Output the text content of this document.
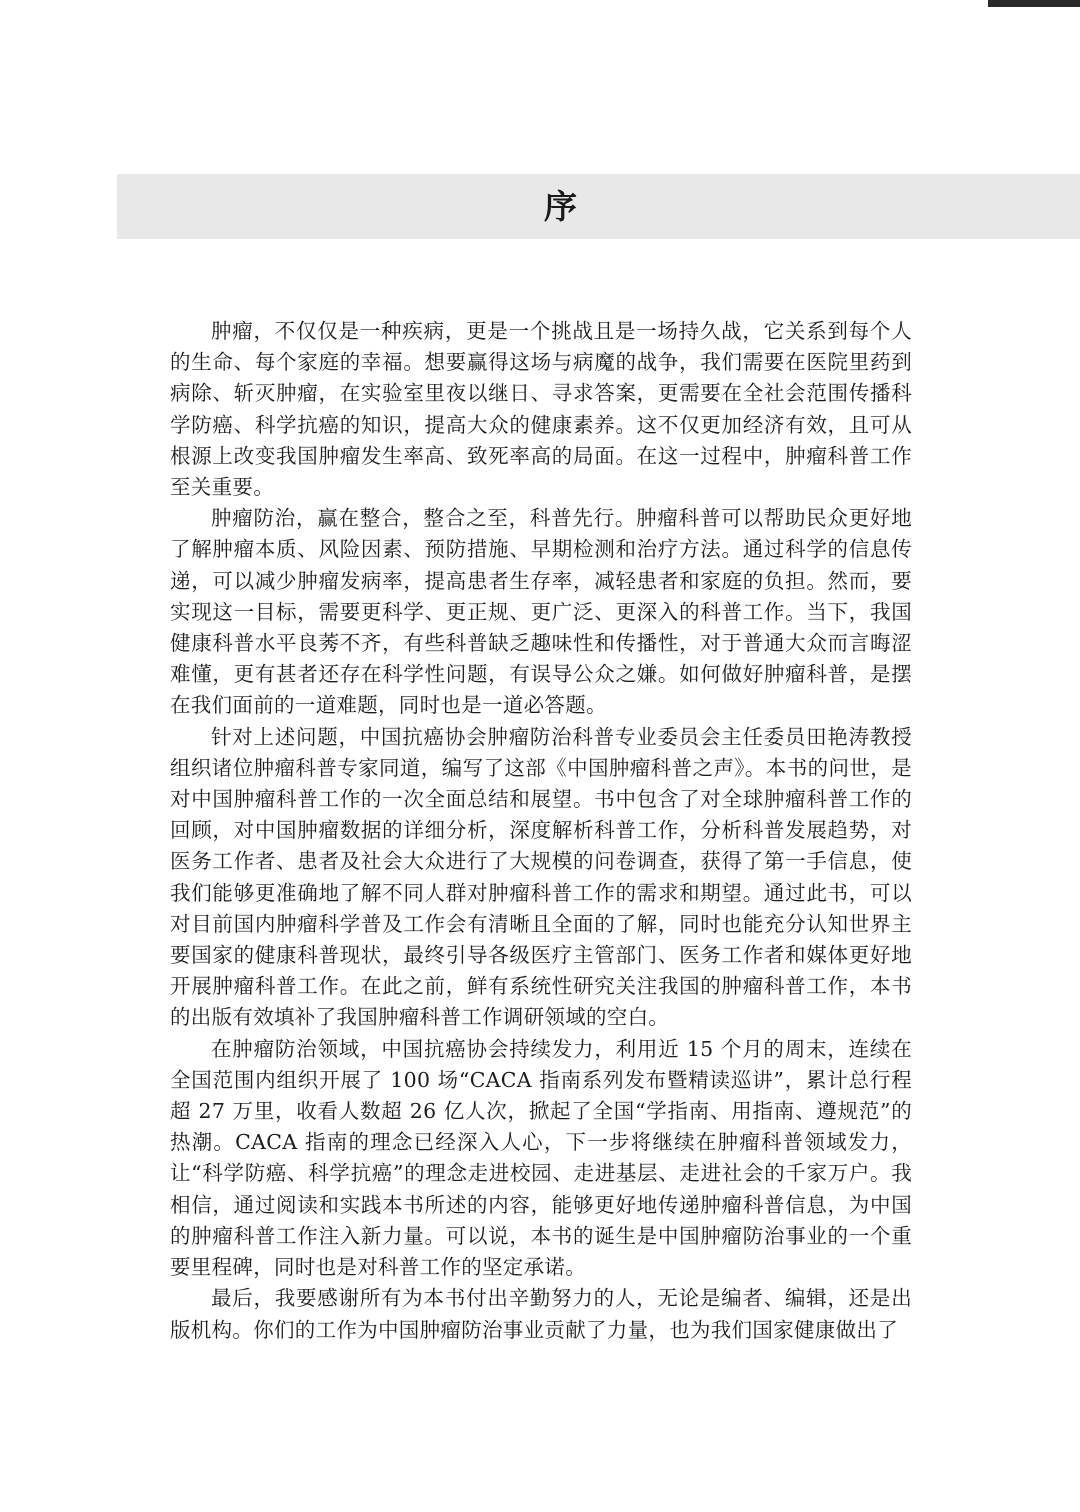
序

肿瘤，不仅仅是一种疾病，更是一个挑战且是一场持久战，它关系到每个人的生命、每个家庭的幸福。想要赢得这场与病魔的战争，我们需要在医院里药到病除、斩灭肿瘤，在实验室里夜以继日、寻求答案，更需要在全社会范围传播科学防癌、科学抗癌的知识，提高大众的健康素养。这不仅更加经济有效，且可从根源上改变我国肿瘤发生率高、致死率高的局面。在这一过程中，肿瘤科普工作至关重要。

肿瘤防治，赢在整合，整合之至，科普先行。肿瘤科普可以帮助民众更好地了解肿瘤本质、风险因素、预防措施、早期检测和治疗方法。通过科学的信息传递，可以减少肿瘤发病率，提高患者生存率，减轻患者和家庭的负担。然而，要实现这一目标，需要更科学、更正规、更广泛、更深入的科普工作。当下，我国健康科普水平良莠不齐，有些科普缺乏趣味性和传播性，对于普通大众而言晦涩难懂，更有甚者还存在科学性问题，有误导公众之嫌。如何做好肿瘤科普，是摆在我们面前的一道难题，同时也是一道必答题。

针对上述问题，中国抗癌协会肿瘤防治科普专业委员会主任委员田艳涛教授组织诸位肿瘤科普专家同道，编写了这部《中国肿瘤科普之声》。本书的问世，是对中国肿瘤科普工作的一次全面总结和展望。书中包含了对全球肿瘤科普工作的回顾，对中国肿瘤数据的详细分析，深度解析科普工作，分析科普发展趋势，对医务工作者、患者及社会大众进行了大规模的问卷调查，获得了第一手信息，使我们能够更准确地了解不同人群对肿瘤科普工作的需求和期望。通过此书，可以对目前国内肿瘤科学普及工作会有清晰且全面的了解，同时也能充分认知世界主要国家的健康科普现状，最终引导各级医疗主管部门、医务工作者和媒体更好地开展肿瘤科普工作。在此之前，鲜有系统性研究关注我国的肿瘤科普工作，本书的出版有效填补了我国肿瘤科普工作调研领域的空白。

在肿瘤防治领域，中国抗癌协会持续发力，利用近 15 个月的周末，连续在全国范围内组织开展了 100 场“CACA 指南系列发布暨精读巡讲”，累计总行程超 27 万里，收看人数超 26 亿人次，掀起了全国“学指南、用指南、遵规范”的热潮。CACA 指南的理念已经深入人心，下一步将继续在肿瘤科普领域发力，让“科学防癌、科学抗癌”的理念走进校园、走进基层、走进社会的千家万户。我相信，通过阅读和实践本书所述的内容，能够更好地传递肿瘤科普信息，为中国的肿瘤科普工作注入新力量。可以说，本书的诞生是中国肿瘤防治事业的一个重要里程碑，同时也是对科普工作的坚定承诺。

最后，我要感谢所有为本书付出辛勤努力的人，无论是编者、编辑，还是出版机构。你们的工作为中国肿瘤防治事业贡献了力量，也为我们国家健康做出了
